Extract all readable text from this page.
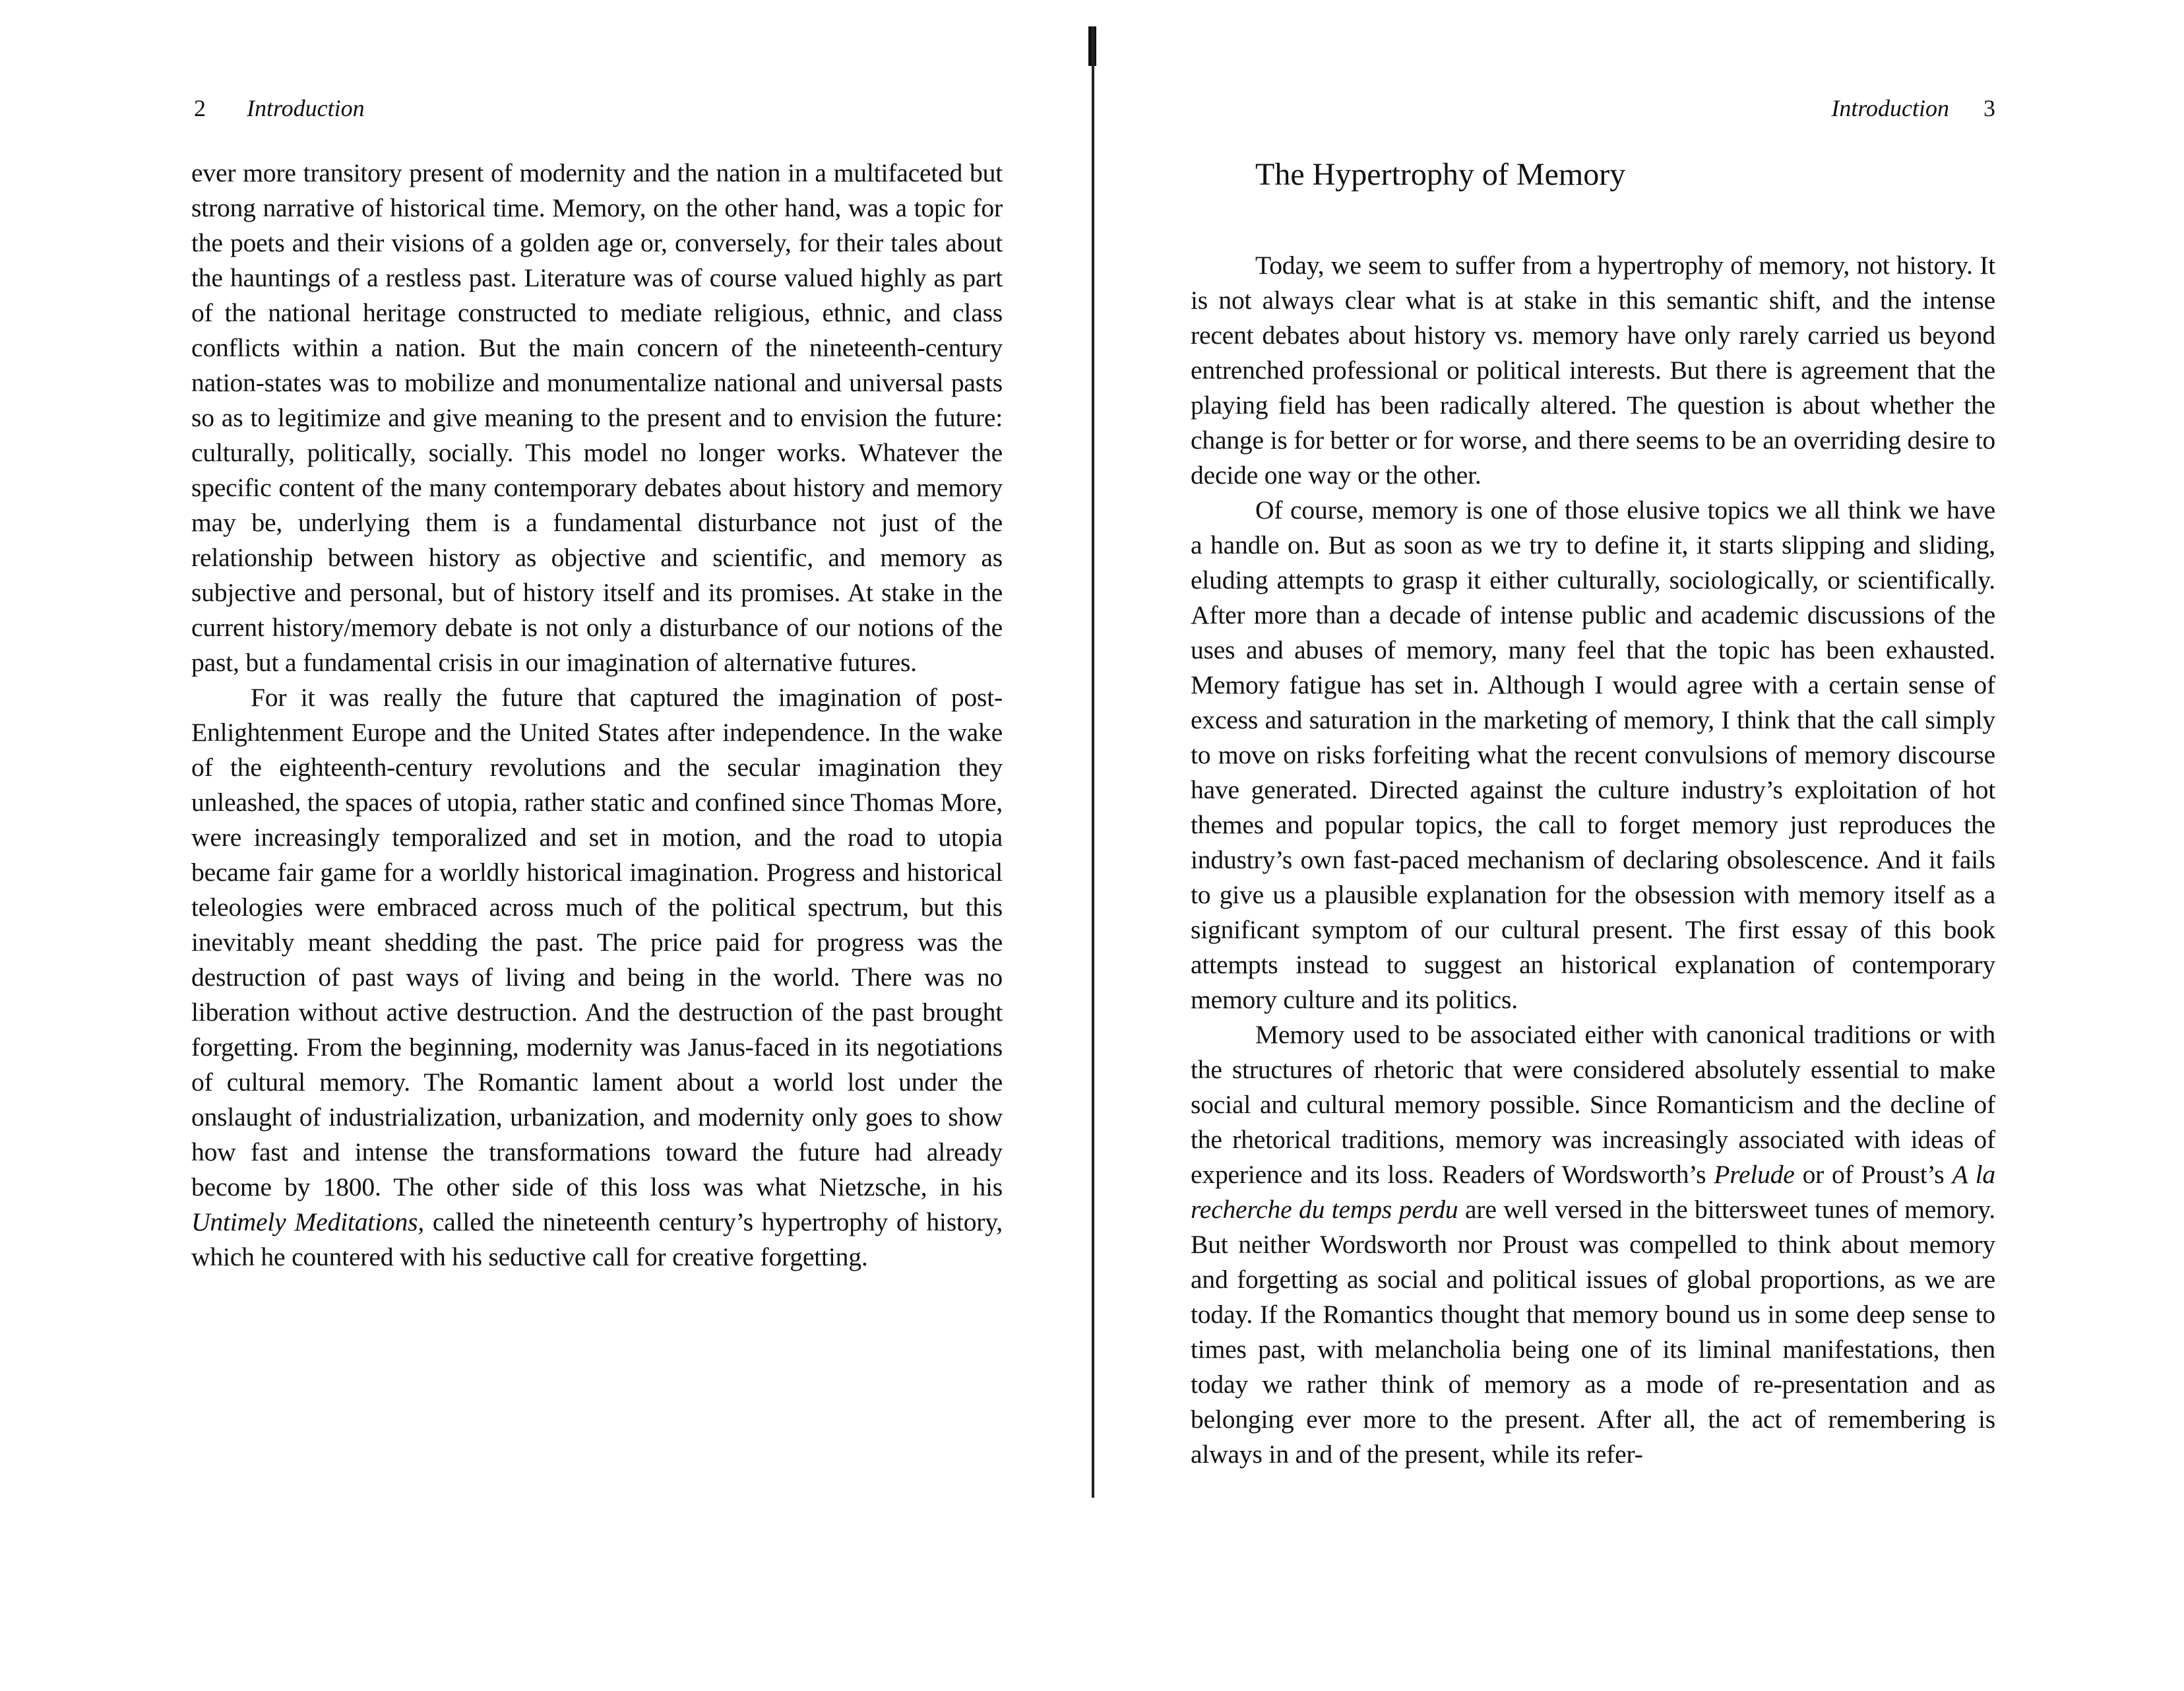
2 Introduction

ever more transitory present of modernity and the nation in a multifaceted but strong narrative of historical time. Memory, on the other hand, was a topic for the poets and their visions of a golden age or, conversely, for their tales about the hauntings of a restless past. Literature was of course valued highly as part of the national heritage constructed to mediate religious, ethnic, and class conflicts within a nation. But the main concern of the nineteenth-century nation-states was to mobilize and monumentalize national and universal pasts so as to legitimize and give meaning to the present and to envision the future: culturally, politically, socially. This model no longer works. Whatever the specific content of the many contemporary debates about history and memory may be, underlying them is a fundamental disturbance not just of the relationship between history as objective and scientific, and memory as subjective and personal, but of history itself and its promises. At stake in the current history/memory debate is not only a disturbance of our notions of the past, but a fundamental crisis in our imagination of alternative futures.

For it was really the future that captured the imagination of post-Enlightenment Europe and the United States after independence. In the wake of the eighteenth-century revolutions and the secular imagination they unleashed, the spaces of utopia, rather static and confined since Thomas More, were increasingly temporalized and set in motion, and the road to utopia became fair game for a worldly historical imagination. Progress and historical teleologies were embraced across much of the political spectrum, but this inevitably meant shedding the past. The price paid for progress was the destruction of past ways of living and being in the world. There was no liberation without active destruction. And the destruction of the past brought forgetting. From the beginning, modernity was Janus-faced in its negotiations of cultural memory. The Romantic lament about a world lost under the onslaught of industrialization, urbanization, and modernity only goes to show how fast and intense the transformations toward the future had already become by 1800. The other side of this loss was what Nietzsche, in his Untimely Meditations, called the nineteenth century’s hypertrophy of history, which he countered with his seductive call for creative forgetting.

Introduction 3
The Hypertrophy of Memory

Today, we seem to suffer from a hypertrophy of memory, not history. It is not always clear what is at stake in this semantic shift, and the intense recent debates about history vs. memory have only rarely carried us beyond entrenched professional or political interests. But there is agreement that the playing field has been radically altered. The question is about whether the change is for better or for worse, and there seems to be an overriding desire to decide one way or the other.

Of course, memory is one of those elusive topics we all think we have a handle on. But as soon as we try to define it, it starts slipping and sliding, eluding attempts to grasp it either culturally, sociologically, or scientifically. After more than a decade of intense public and academic discussions of the uses and abuses of memory, many feel that the topic has been exhausted. Memory fatigue has set in. Although I would agree with a certain sense of excess and saturation in the marketing of memory, I think that the call simply to move on risks forfeiting what the recent convulsions of memory discourse have generated. Directed against the culture industry’s exploitation of hot themes and popular topics, the call to forget memory just reproduces the industry’s own fast-paced mechanism of declaring obsolescence. And it fails to give us a plausible explanation for the obsession with memory itself as a significant symptom of our cultural present. The first essay of this book attempts instead to suggest an historical explanation of contemporary memory culture and its politics.

Memory used to be associated either with canonical traditions or with the structures of rhetoric that were considered absolutely essential to make social and cultural memory possible. Since Romanticism and the decline of the rhetorical traditions, memory was increasingly associated with ideas of experience and its loss. Readers of Wordsworth’s Prelude or of Proust’s A la recherche du temps perdu are well versed in the bittersweet tunes of memory. But neither Wordsworth nor Proust was compelled to think about memory and forgetting as social and political issues of global proportions, as we are today. If the Romantics thought that memory bound us in some deep sense to times past, with melancholia being one of its liminal manifestations, then today we rather think of memory as a mode of re-presentation and as belonging ever more to the present. After all, the act of remembering is always in and of the present, while its refer-
